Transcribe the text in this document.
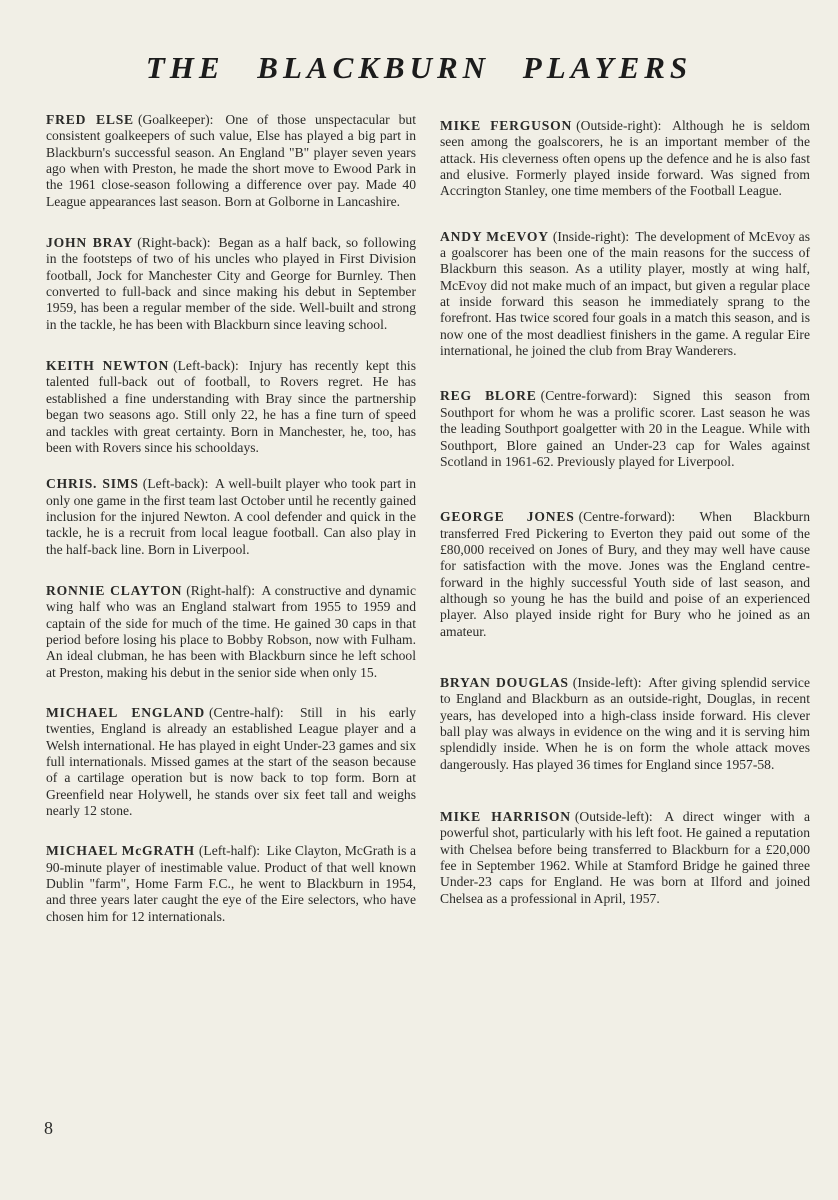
THE BLACKBURN PLAYERS

FRED ELSE (Goalkeeper): One of those unspectacular but consistent goalkeepers of such value, Else has played a big part in Blackburn's successful season. An England "B" player seven years ago when with Preston, he made the short move to Ewood Park in the 1961 close-season following a difference over pay. Made 40 League appearances last season. Born at Golborne in Lancashire.

JOHN BRAY (Right-back): Began as a half back, so following in the footsteps of two of his uncles who played in First Division football, Jock for Manchester City and George for Burnley. Then converted to full-back and since making his debut in September 1959, has been a regular member of the side. Well-built and strong in the tackle, he has been with Blackburn since leaving school.

KEITH NEWTON (Left-back): Injury has recently kept this talented full-back out of football, to Rovers regret. He has established a fine understanding with Bray since the partnership began two seasons ago. Still only 22, he has a fine turn of speed and tackles with great certainty. Born in Manchester, he, too, has been with Rovers since his schooldays.

CHRIS. SIMS (Left-back): A well-built player who took part in only one game in the first team last October until he recently gained inclusion for the injured Newton. A cool defender and quick in the tackle, he is a recruit from local league football. Can also play in the half-back line. Born in Liverpool.

RONNIE CLAYTON (Right-half): A constructive and dynamic wing half who was an England stalwart from 1955 to 1959 and captain of the side for much of the time. He gained 30 caps in that period before losing his place to Bobby Robson, now with Fulham. An ideal clubman, he has been with Blackburn since he left school at Preston, making his debut in the senior side when only 15.

MICHAEL ENGLAND (Centre-half): Still in his early twenties, England is already an established League player and a Welsh international. He has played in eight Under-23 games and six full internationals. Missed games at the start of the season because of a cartilage operation but is now back to top form. Born at Greenfield near Holywell, he stands over six feet tall and weighs nearly 12 stone.

MICHAEL McGRATH (Left-half): Like Clayton, McGrath is a 90-minute player of inestimable value. Product of that well known Dublin "farm", Home Farm F.C., he went to Blackburn in 1954, and three years later caught the eye of the Eire selectors, who have chosen him for 12 internationals.

MIKE FERGUSON (Outside-right): Although he is seldom seen among the goalscorers, he is an important member of the attack. His cleverness often opens up the defence and he is also fast and elusive. Formerly played inside forward. Was signed from Accrington Stanley, one time members of the Football League.

ANDY McEVOY (Inside-right): The development of McEvoy as a goalscorer has been one of the main reasons for the success of Blackburn this season. As a utility player, mostly at wing half, McEvoy did not make much of an impact, but given a regular place at inside forward this season he immediately sprang to the forefront. Has twice scored four goals in a match this season, and is now one of the most deadliest finishers in the game. A regular Eire international, he joined the club from Bray Wanderers.

REG BLORE (Centre-forward): Signed this season from Southport for whom he was a prolific scorer. Last season he was the leading Southport goalgetter with 20 in the League. While with Southport, Blore gained an Under-23 cap for Wales against Scotland in 1961-62. Previously played for Liverpool.

GEORGE JONES (Centre-forward): When Blackburn transferred Fred Pickering to Everton they paid out some of the £80,000 received on Jones of Bury, and they may well have cause for satisfaction with the move. Jones was the England centre-forward in the highly successful Youth side of last season, and although so young he has the build and poise of an experienced player. Also played inside right for Bury who he joined as an amateur.

BRYAN DOUGLAS (Inside-left): After giving splendid service to England and Blackburn as an outside-right, Douglas, in recent years, has developed into a high-class inside forward. His clever ball play was always in evidence on the wing and it is serving him splendidly inside. When he is on form the whole attack moves dangerously. Has played 36 times for England since 1957-58.

MIKE HARRISON (Outside-left): A direct winger with a powerful shot, particularly with his left foot. He gained a reputation with Chelsea before being transferred to Blackburn for a £20,000 fee in September 1962. While at Stamford Bridge he gained three Under-23 caps for England. He was born at Ilford and joined Chelsea as a professional in April, 1957.

8
